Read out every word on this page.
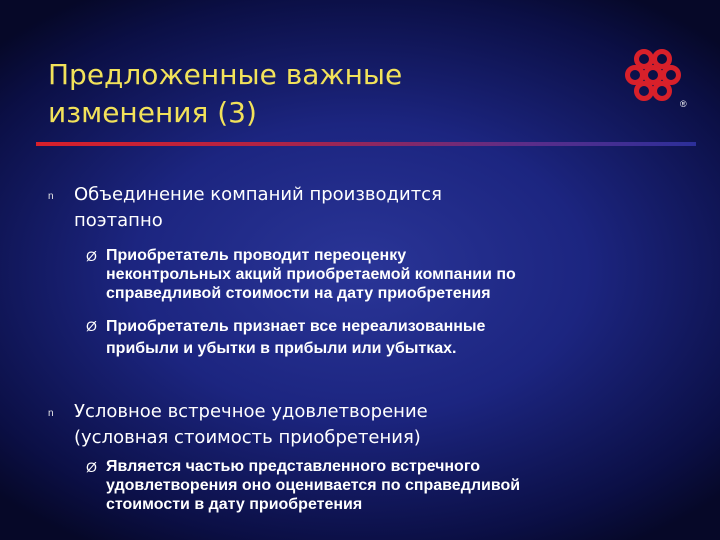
Предложенные важные
изменения (3)	®
n Объединение компаний производится
поэтапно
Ø Приобретатель проводит переоценку
неконтрольных акций приобретаемой компании по
справедливой стоимости на дату приобретения
Ø Приобретатель признает все нереализованные
прибыли и убытки в прибыли или убытках.
n Условное встречное удовлетворение
(условная стоимость приобретения)
Ø Является частью представленного встречного
удовлетворения оно оценивается по справедливой
стоимости в дату приобретения
